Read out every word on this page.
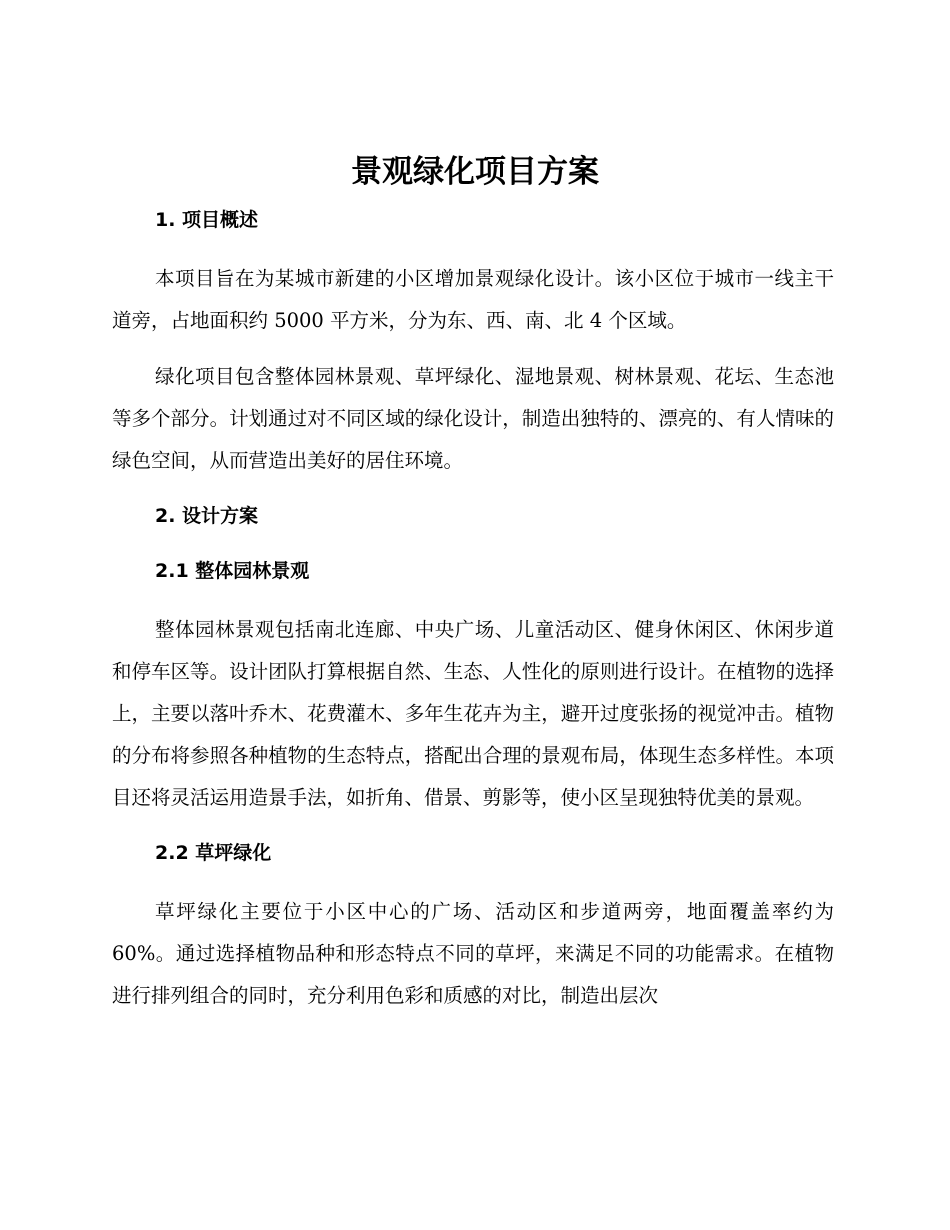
景观绿化项目方案
1. 项目概述

本项目旨在为某城市新建的小区增加景观绿化设计。该小区位于城市一线主干道旁，占地面积约 5000 平方米，分为东、西、南、北 4 个区域。

绿化项目包含整体园林景观、草坪绿化、湿地景观、树林景观、花坛、生态池等多个部分。计划通过对不同区域的绿化设计，制造出独特的、漂亮的、有人情味的绿色空间，从而营造出美好的居住环境。

2. 设计方案
2.1 整体园林景观

整体园林景观包括南北连廊、中央广场、儿童活动区、健身休闲区、休闲步道和停车区等。设计团队打算根据自然、生态、人性化的原则进行设计。在植物的选择上，主要以落叶乔木、花费灌木、多年生花卉为主，避开过度张扬的视觉冲击。植物的分布将参照各种植物的生态特点，搭配出合理的景观布局，体现生态多样性。本项目还将灵活运用造景手法，如折角、借景、剪影等，使小区呈现独特优美的景观。

2.2 草坪绿化

草坪绿化主要位于小区中心的广场、活动区和步道两旁，地面覆盖率约为 60%。通过选择植物品种和形态特点不同的草坪，来满足不同的功能需求。在植物进行排列组合的同时，充分利用色彩和质感的对比，制造出层次
